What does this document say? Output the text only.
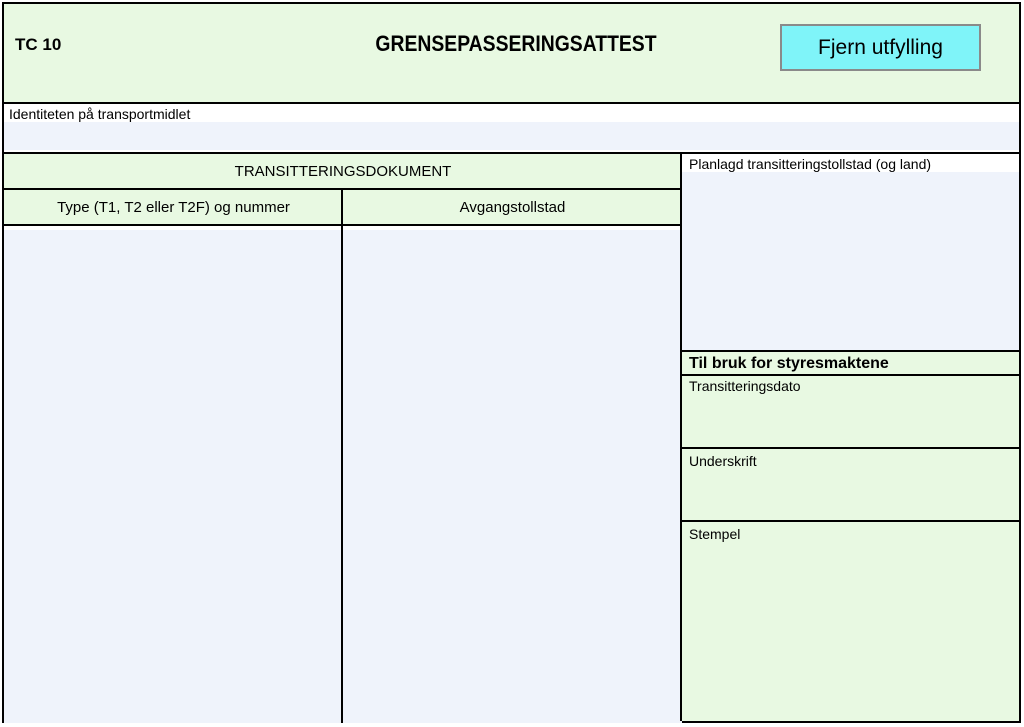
TC 10	GRENSEPASSERINGSATTEST	Fjern utfylling
Identiteten på transportmidlet
TRANSITTERINGSDOKUMENT
Type (T1, T2 eller T2F) og nummer	Avgangstollstad
Planlagd transitteringstollstad (og land)
Til bruk for styresmaktene
Transitteringsdato
Underskrift
Stempel
